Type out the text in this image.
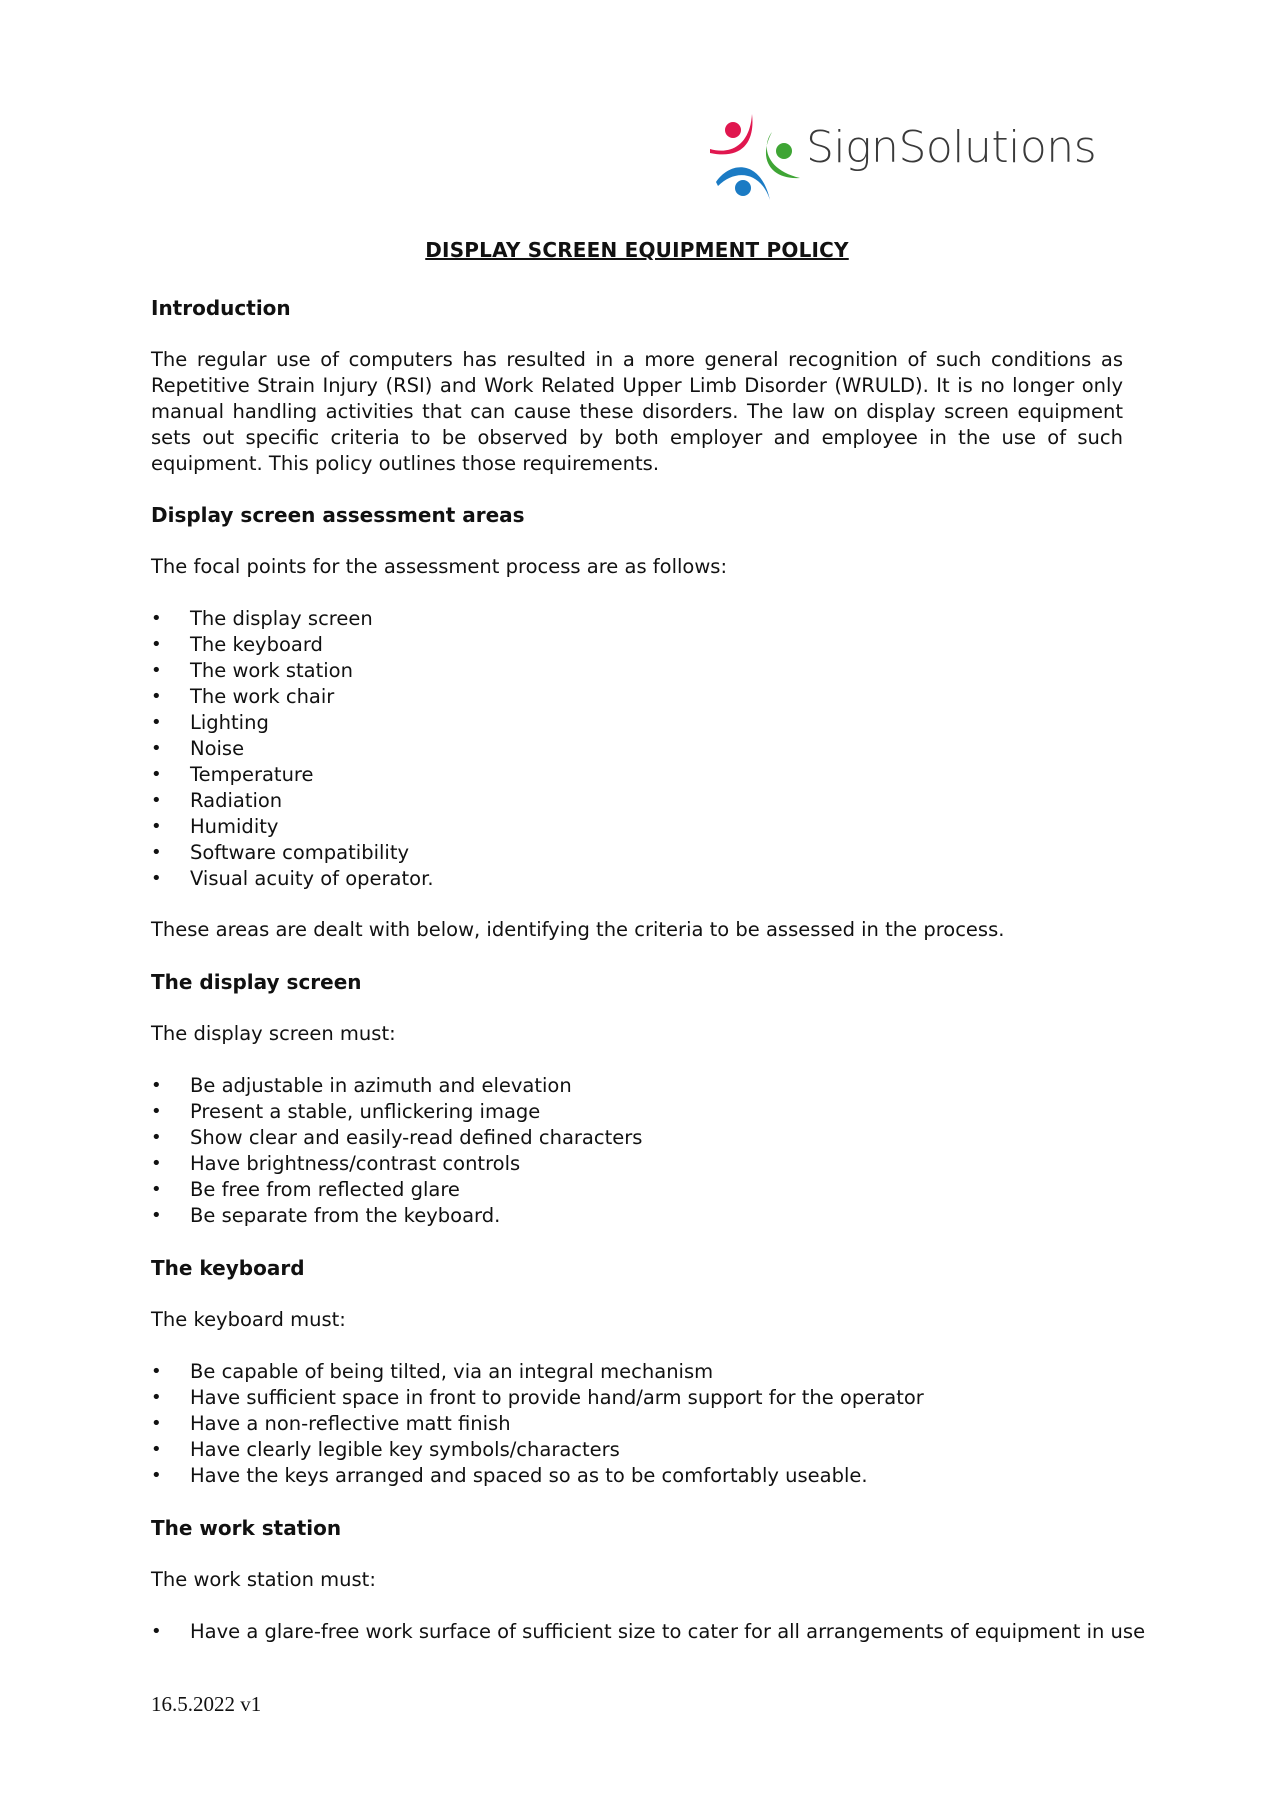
SignSolutions
DISPLAY SCREEN EQUIPMENT POLICY
Introduction
The regular use of computers has resulted in a more general recognition of such conditions as Repetitive Strain Injury (RSI) and Work Related Upper Limb Disorder (WRULD). It is no longer only manual handling activities that can cause these disorders. The law on display screen equipment sets out specific criteria to be observed by both employer and employee in the use of such equipment. This policy outlines those requirements.
Display screen assessment areas
The focal points for the assessment process are as follows:
• The display screen
• The keyboard
• The work station
• The work chair
• Lighting
• Noise
• Temperature
• Radiation
• Humidity
• Software compatibility
• Visual acuity of operator.
These areas are dealt with below, identifying the criteria to be assessed in the process.
The display screen
The display screen must:
• Be adjustable in azimuth and elevation
• Present a stable, unflickering image
• Show clear and easily-read defined characters
• Have brightness/contrast controls
• Be free from reflected glare
• Be separate from the keyboard.
The keyboard
The keyboard must:
• Be capable of being tilted, via an integral mechanism
• Have sufficient space in front to provide hand/arm support for the operator
• Have a non-reflective matt finish
• Have clearly legible key symbols/characters
• Have the keys arranged and spaced so as to be comfortably useable.
The work station
The work station must:
• Have a glare-free work surface of sufficient size to cater for all arrangements of equipment in use
16.5.2022 v1
